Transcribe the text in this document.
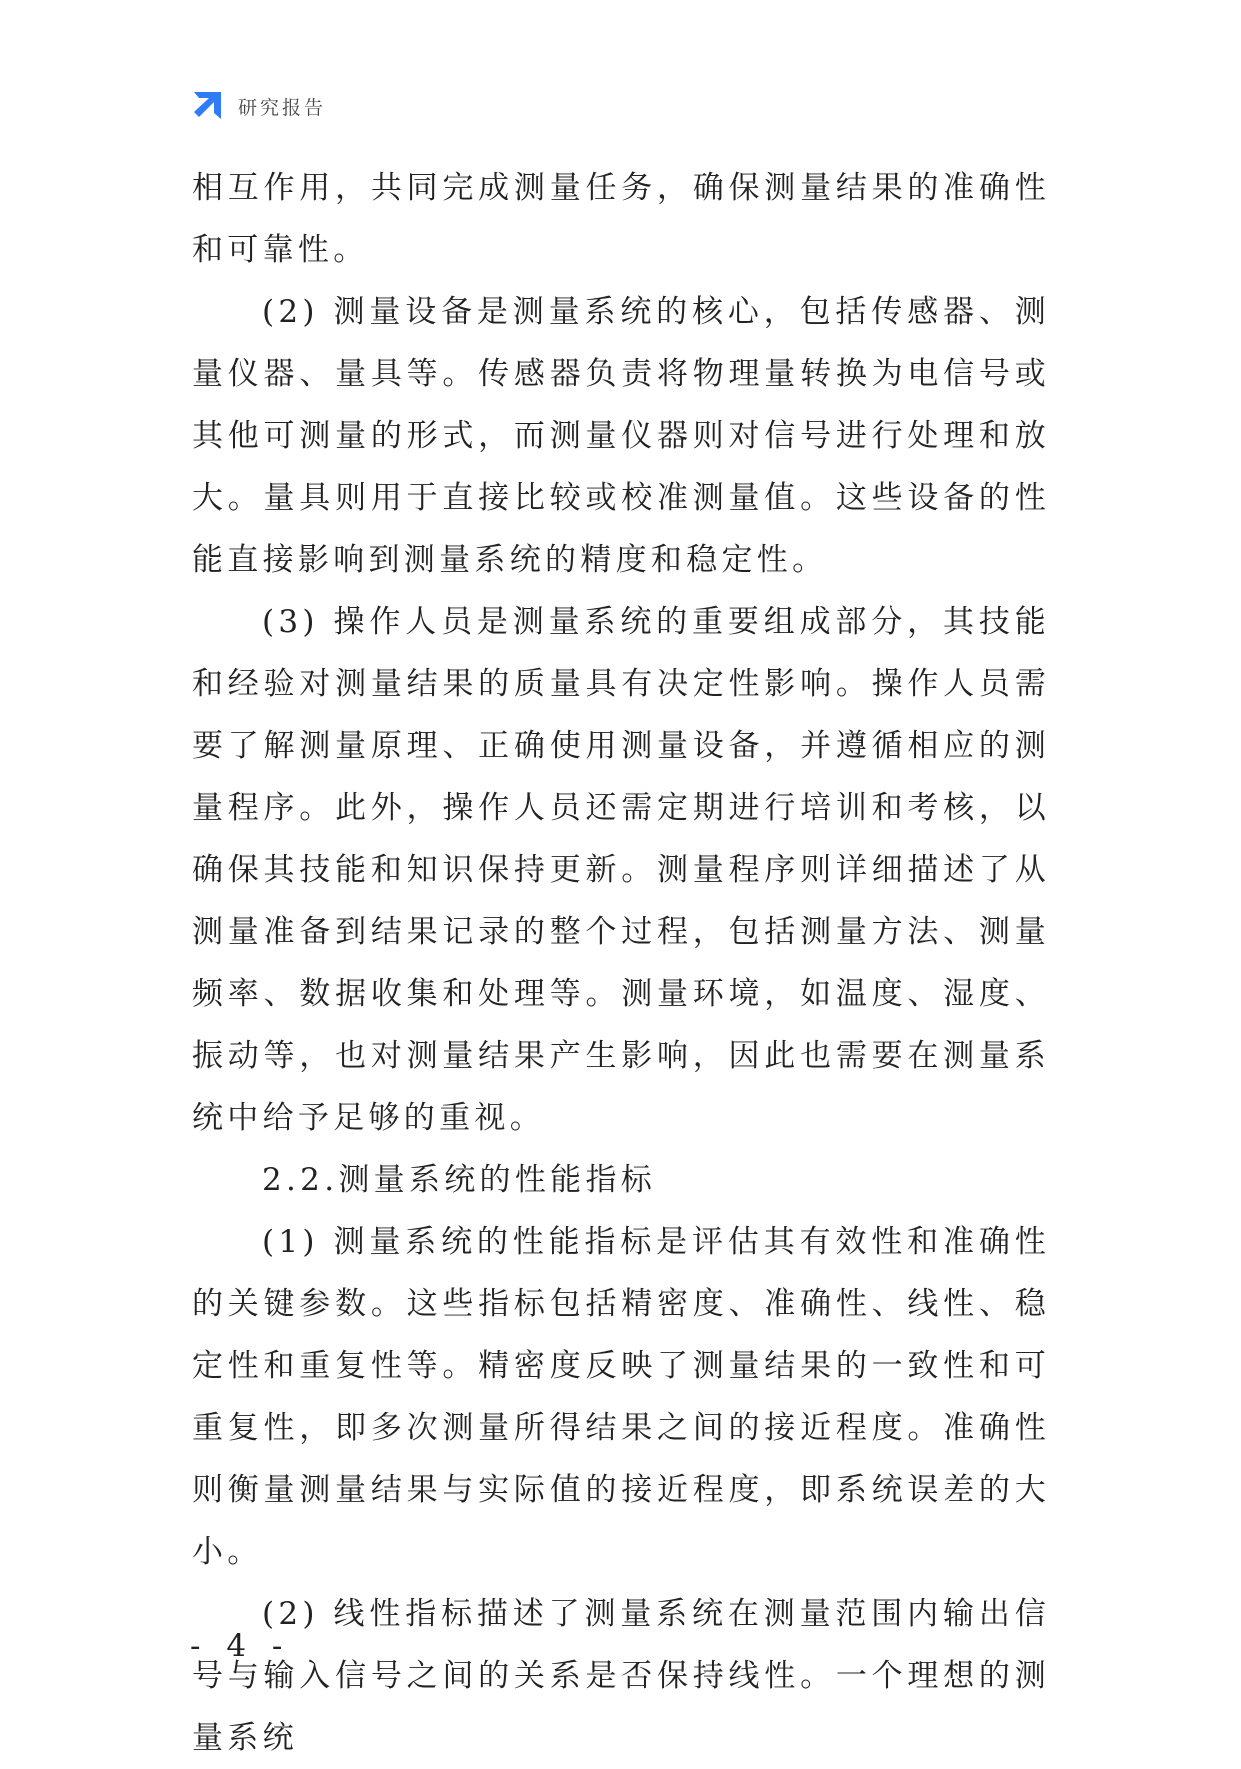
研究报告

相互作用，共同完成测量任务，确保测量结果的准确性和可靠性。

(2) 测量设备是测量系统的核心，包括传感器、测量仪器、量具等。传感器负责将物理量转换为电信号或其他可测量的形式，而测量仪器则对信号进行处理和放大。量具则用于直接比较或校准测量值。这些设备的性能直接影响到测量系统的精度和稳定性。

(3) 操作人员是测量系统的重要组成部分，其技能和经验对测量结果的质量具有决定性影响。操作人员需要了解测量原理、正确使用测量设备，并遵循相应的测量程序。此外，操作人员还需定期进行培训和考核，以确保其技能和知识保持更新。测量程序则详细描述了从测量准备到结果记录的整个过程，包括测量方法、测量频率、数据收集和处理等。测量环境，如温度、湿度、振动等，也对测量结果产生影响，因此也需要在测量系统中给予足够的重视。

2.2.测量系统的性能指标

(1) 测量系统的性能指标是评估其有效性和准确性的关键参数。这些指标包括精密度、准确性、线性、稳定性和重复性等。精密度反映了测量结果的一致性和可重复性，即多次测量所得结果之间的接近程度。准确性则衡量测量结果与实际值的接近程度，即系统误差的大小。

(2) 线性指标描述了测量系统在测量范围内输出信号与输入信号之间的关系是否保持线性。一个理想的测量系统

- 4 -
